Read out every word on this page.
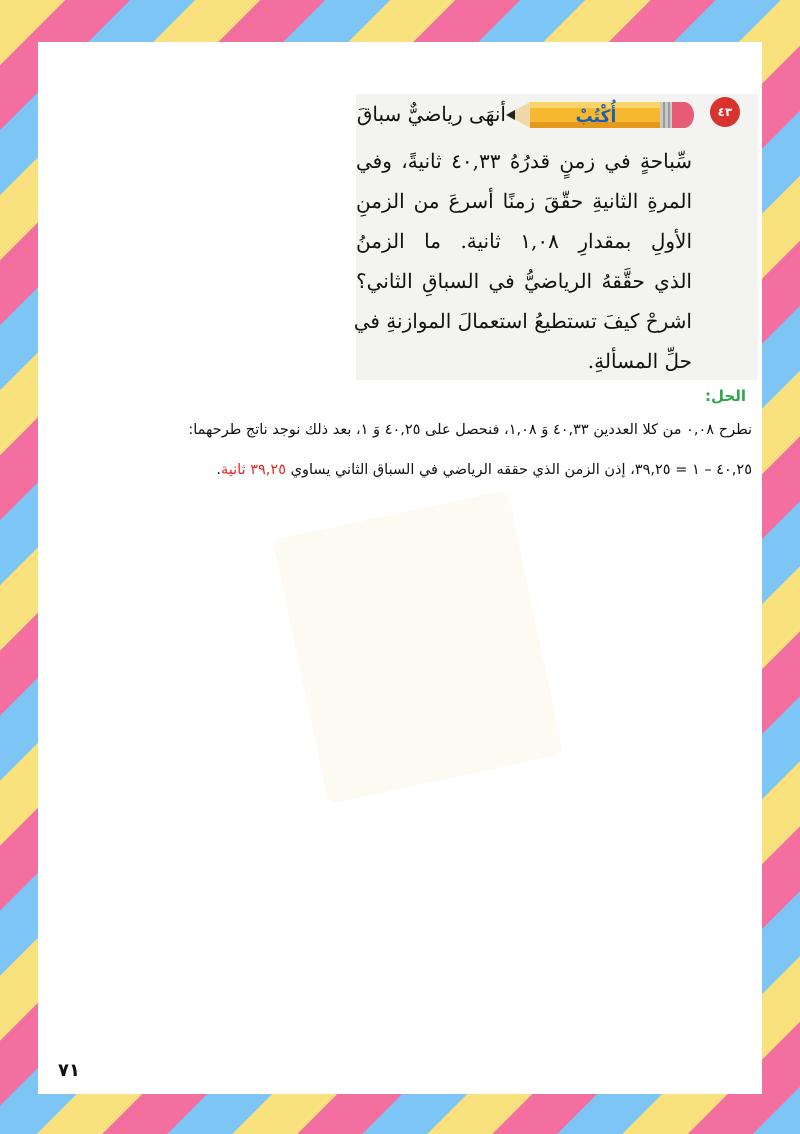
٤٣
أُكْتُبْ
أنهَى رياضيٌّ سباقَ
سِّباحةٍ في زمنٍ قدرُهُ ٤٠,٣٣ ثانيةً، وفي
المرةِ الثانيةِ حقّقَ زمنًا أسرعَ من الزمنِ
الأولِ بمقدارِ ١,٠٨ ثانية. ما الزمنُ
الذي حقَّقهُ الرياضيُّ في السباقِ الثاني؟
اشرحْ كيفَ تستطيعُ استعمالَ الموازنةِ في
حلِّ المسألةِ.
الحل:
نطرح ٠,٠٨ من كلا العددين ٤٠,٣٣ وَ ١,٠٨، فنحصل على ٤٠,٢٥ وَ ١، بعد ذلك نوجد ناتج طرحهما:
٤٠,٢٥ – ١ = ٣٩,٢٥، إذن الزمن الذي حققه الرياضي في السباق الثاني يساوي ٣٩,٢٥ ثانية.
٧١
